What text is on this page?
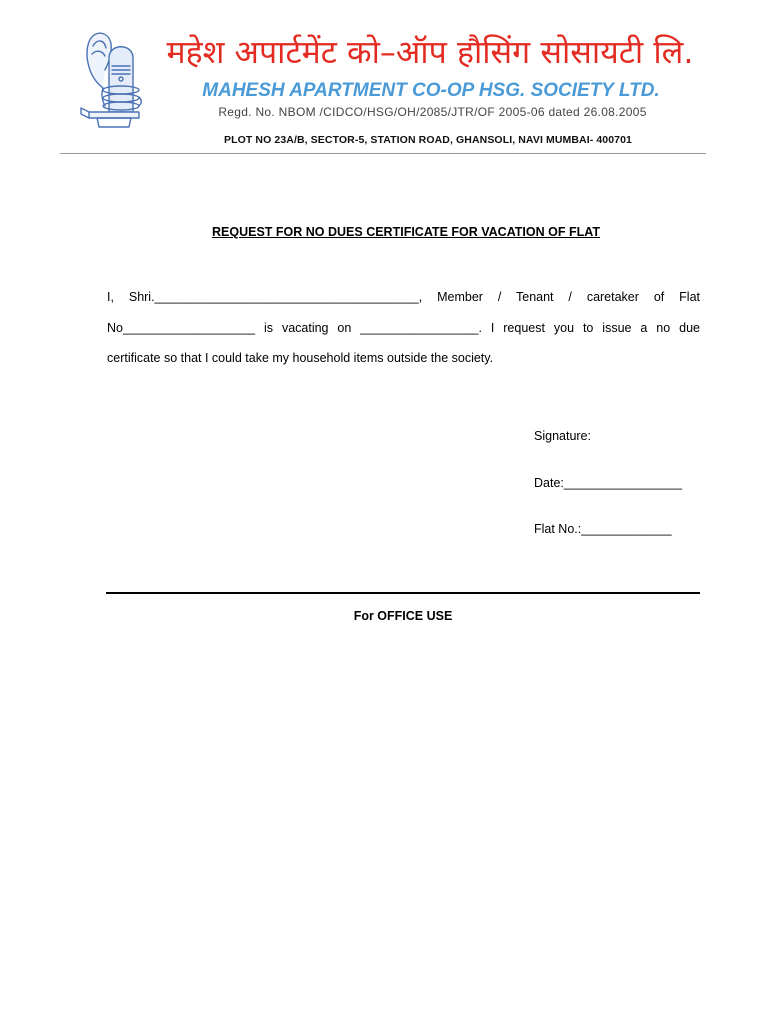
महेश अपार्टमेंट को–ऑप हौसिंग सोसायटी लि.
MAHESH APARTMENT CO-OP HSG. SOCIETY LTD.
Regd. No. NBOM /CIDCO/HSG/OH/2085/JTR/OF 2005-06 dated 26.08.2005
PLOT NO 23A/B, SECTOR-5, STATION ROAD, GHANSOLI, NAVI MUMBAI- 400701
REQUEST FOR NO DUES CERTIFICATE FOR VACATION OF FLAT
I, Shri.______________________________________, Member / Tenant / caretaker of Flat
No___________________ is vacating on _________________. I request you to issue a no due
certificate so that I could take my household items outside the society.
Signature:
Date:_________________
Flat No.:_____________
For OFFICE USE
